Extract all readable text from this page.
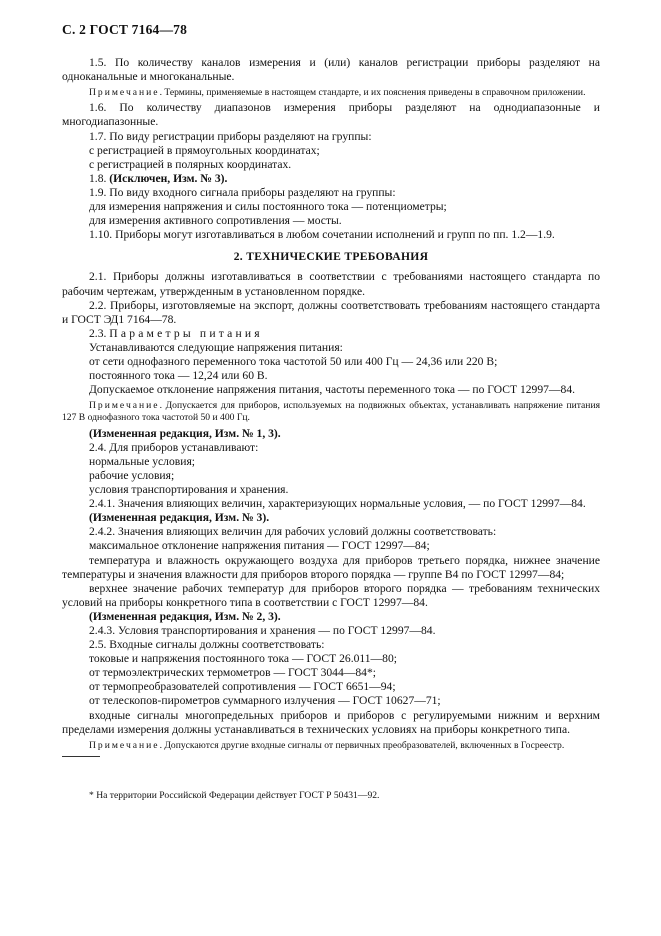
С. 2 ГОСТ 7164—78

1.5. По количеству каналов измерения и (или) каналов регистрации приборы разделяют на одноканальные и многоканальные.

Примечание. Термины, применяемые в настоящем стандарте, и их пояснения приведены в справочном приложении.

1.6. По количеству диапазонов измерения приборы разделяют на однодиапазонные и многодиапазонные.

1.7. По виду регистрации приборы разделяют на группы:

с регистрацией в прямоугольных координатах;

с регистрацией в полярных координатах.

1.8. (Исключен, Изм. № 3).

1.9. По виду входного сигнала приборы разделяют на группы:

для измерения напряжения и силы постоянного тока — потенциометры;

для измерения активного сопротивления — мосты.

1.10. Приборы могут изготавливаться в любом сочетании исполнений и групп по пп. 1.2—1.9.

2. ТЕХНИЧЕСКИЕ ТРЕБОВАНИЯ

2.1. Приборы должны изготавливаться в соответствии с требованиями настоящего стандарта по рабочим чертежам, утвержденным в установленном порядке.

2.2. Приборы, изготовляемые на экспорт, должны соответствовать требованиям настоящего стандарта и ГОСТ ЭД1 7164—78.

2.3. Параметры питания

Устанавливаются следующие напряжения питания:

от сети однофазного переменного тока частотой 50 или 400 Гц — 24,36 или 220 В;

постоянного тока — 12,24 или 60 В.

Допускаемое отклонение напряжения питания, частоты переменного тока — по ГОСТ 12997—84.

Примечание. Допускается для приборов, используемых на подвижных объектах, устанавливать напряжение питания 127 В однофазного тока частотой 50 и 400 Гц.

(Измененная редакция, Изм. № 1, 3).

2.4. Для приборов устанавливают:

нормальные условия;

рабочие условия;

условия транспортирования и хранения.

2.4.1. Значения влияющих величин, характеризующих нормальные условия, — по ГОСТ 12997—84.

(Измененная редакция, Изм. № 3).

2.4.2. Значения влияющих величин для рабочих условий должны соответствовать:

максимальное отклонение напряжения питания — ГОСТ 12997—84;

температура и влажность окружающего воздуха для приборов третьего порядка, нижнее значение температуры и значения влажности для приборов второго порядка — группе В4 по ГОСТ 12997—84;

верхнее значение рабочих температур для приборов второго порядка — требованиям технических условий на приборы конкретного типа в соответствии с ГОСТ 12997—84.

(Измененная редакция, Изм. № 2, 3).

2.4.3. Условия транспортирования и хранения — по ГОСТ 12997—84.

2.5. Входные сигналы должны соответствовать:

токовые и напряжения постоянного тока — ГОСТ 26.011—80;

от термоэлектрических термометров — ГОСТ 3044—84*;

от термопреобразователей сопротивления — ГОСТ 6651—94;

от телескопов-пирометров суммарного излучения — ГОСТ 10627—71;

входные сигналы многопредельных приборов и приборов с регулируемыми нижним и верхним пределами измерения должны устанавливаться в технических условиях на приборы конкретного типа.

Примечание. Допускаются другие входные сигналы от первичных преобразователей, включенных в Госреестр.

* На территории Российской Федерации действует ГОСТ Р 50431—92.
